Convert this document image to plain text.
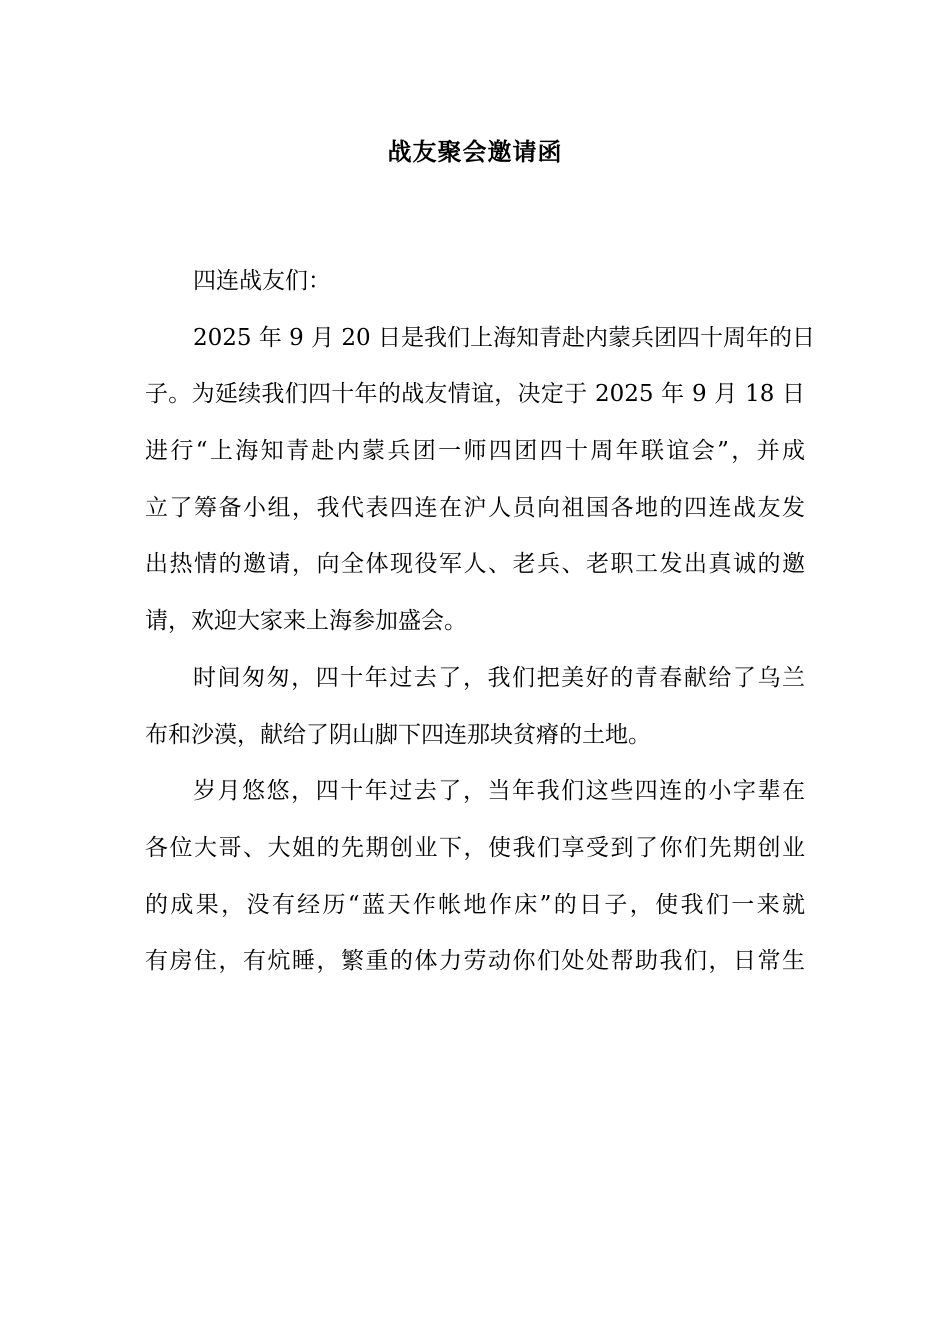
战友聚会邀请函
四连战友们：
2025 年 9 月 20 日是我们上海知青赴内蒙兵团四十周年的日
子。为延续我们四十年的战友情谊，决定于 2025 年 9 月 18 日
进行“上海知青赴内蒙兵团一师四团四十周年联谊会”，并成
立了筹备小组，我代表四连在沪人员向祖国各地的四连战友发
出热情的邀请，向全体现役军人、老兵、老职工发出真诚的邀
请，欢迎大家来上海参加盛会。
时间匆匆，四十年过去了，我们把美好的青春献给了乌兰
布和沙漠，献给了阴山脚下四连那块贫瘠的土地。
岁月悠悠，四十年过去了，当年我们这些四连的小字辈在
各位大哥、大姐的先期创业下，使我们享受到了你们先期创业
的成果，没有经历“蓝天作帐地作床”的日子，使我们一来就
有房住，有炕睡，繁重的体力劳动你们处处帮助我们，日常生
